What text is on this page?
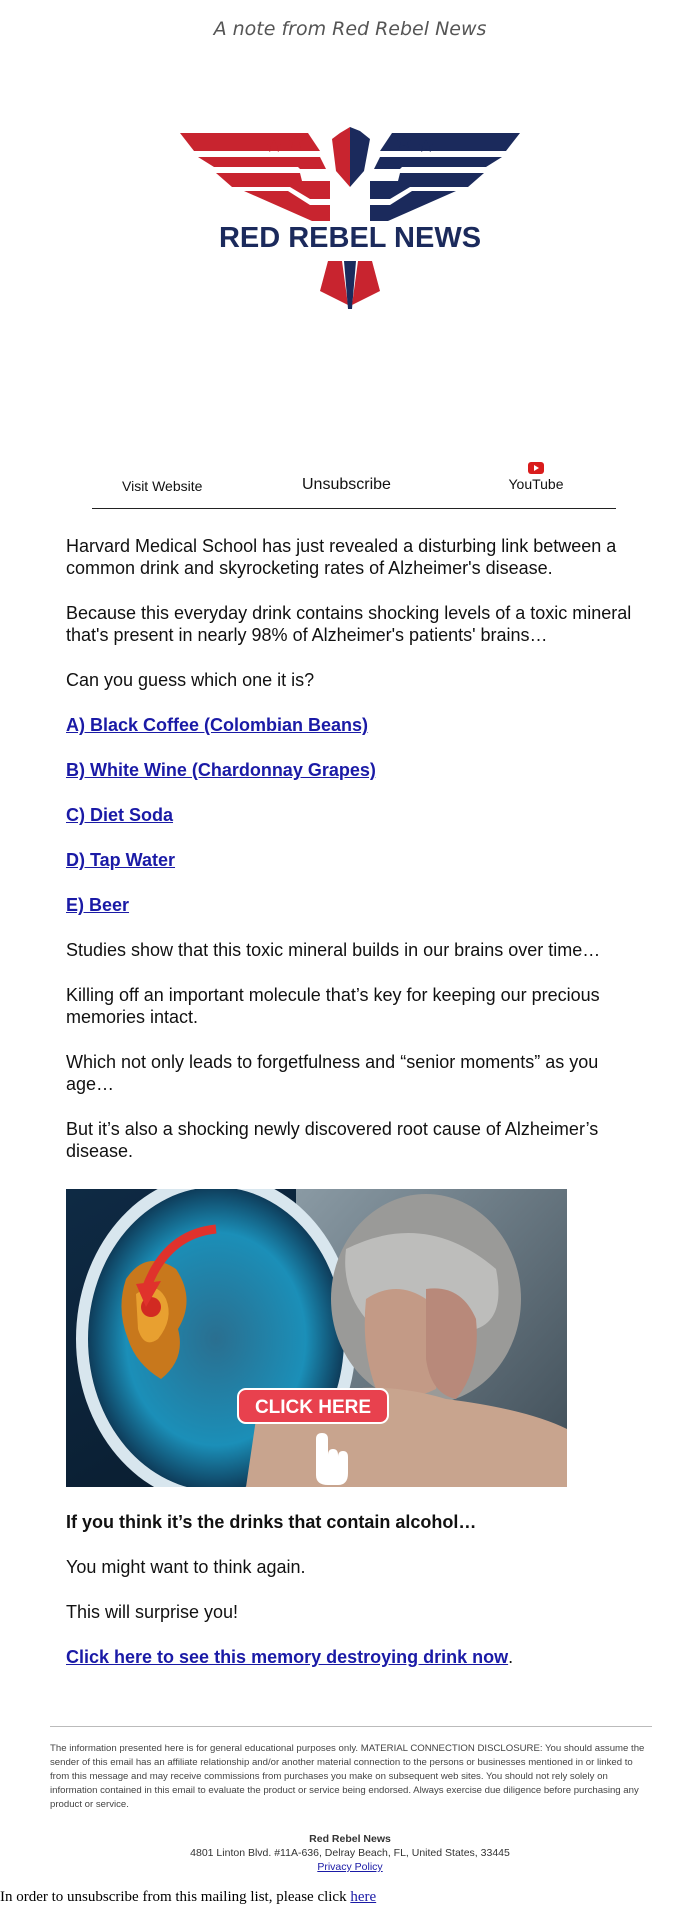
A note from Red Rebel News
RED REBEL NEWS
Visit Website	Unsubscribe	YouTube

Harvard Medical School has just revealed a disturbing link between a common drink and skyrocketing rates of Alzheimer's disease.

Because this everyday drink contains shocking levels of a toxic mineral that's present in nearly 98% of Alzheimer's patients' brains…

Can you guess which one it is?

A) Black Coffee (Colombian Beans)

B) White Wine (Chardonnay Grapes)

C) Diet Soda

D) Tap Water

E) Beer

Studies show that this toxic mineral builds in our brains over time…

Killing off an important molecule that’s key for keeping our precious memories intact.

Which not only leads to forgetfulness and “senior moments” as you age…

But it’s also a shocking newly discovered root cause of Alzheimer’s disease.

CLICK HERE

If you think it’s the drinks that contain alcohol…

You might want to think again.

This will surprise you!

Click here to see this memory destroying drink now.

The information presented here is for general educational purposes only. MATERIAL CONNECTION DISCLOSURE: You should assume the sender of this email has an affiliate relationship and/or another material connection to the persons or businesses mentioned in or linked to from this message and may receive commissions from purchases you make on subsequent web sites. You should not rely solely on information contained in this email to evaluate the product or service being endorsed. Always exercise due diligence before purchasing any product or service.
Red Rebel News
4801 Linton Blvd. #11A-636, Delray Beach, FL, United States, 33445
Privacy Policy
In order to unsubscribe from this mailing list, please click here
